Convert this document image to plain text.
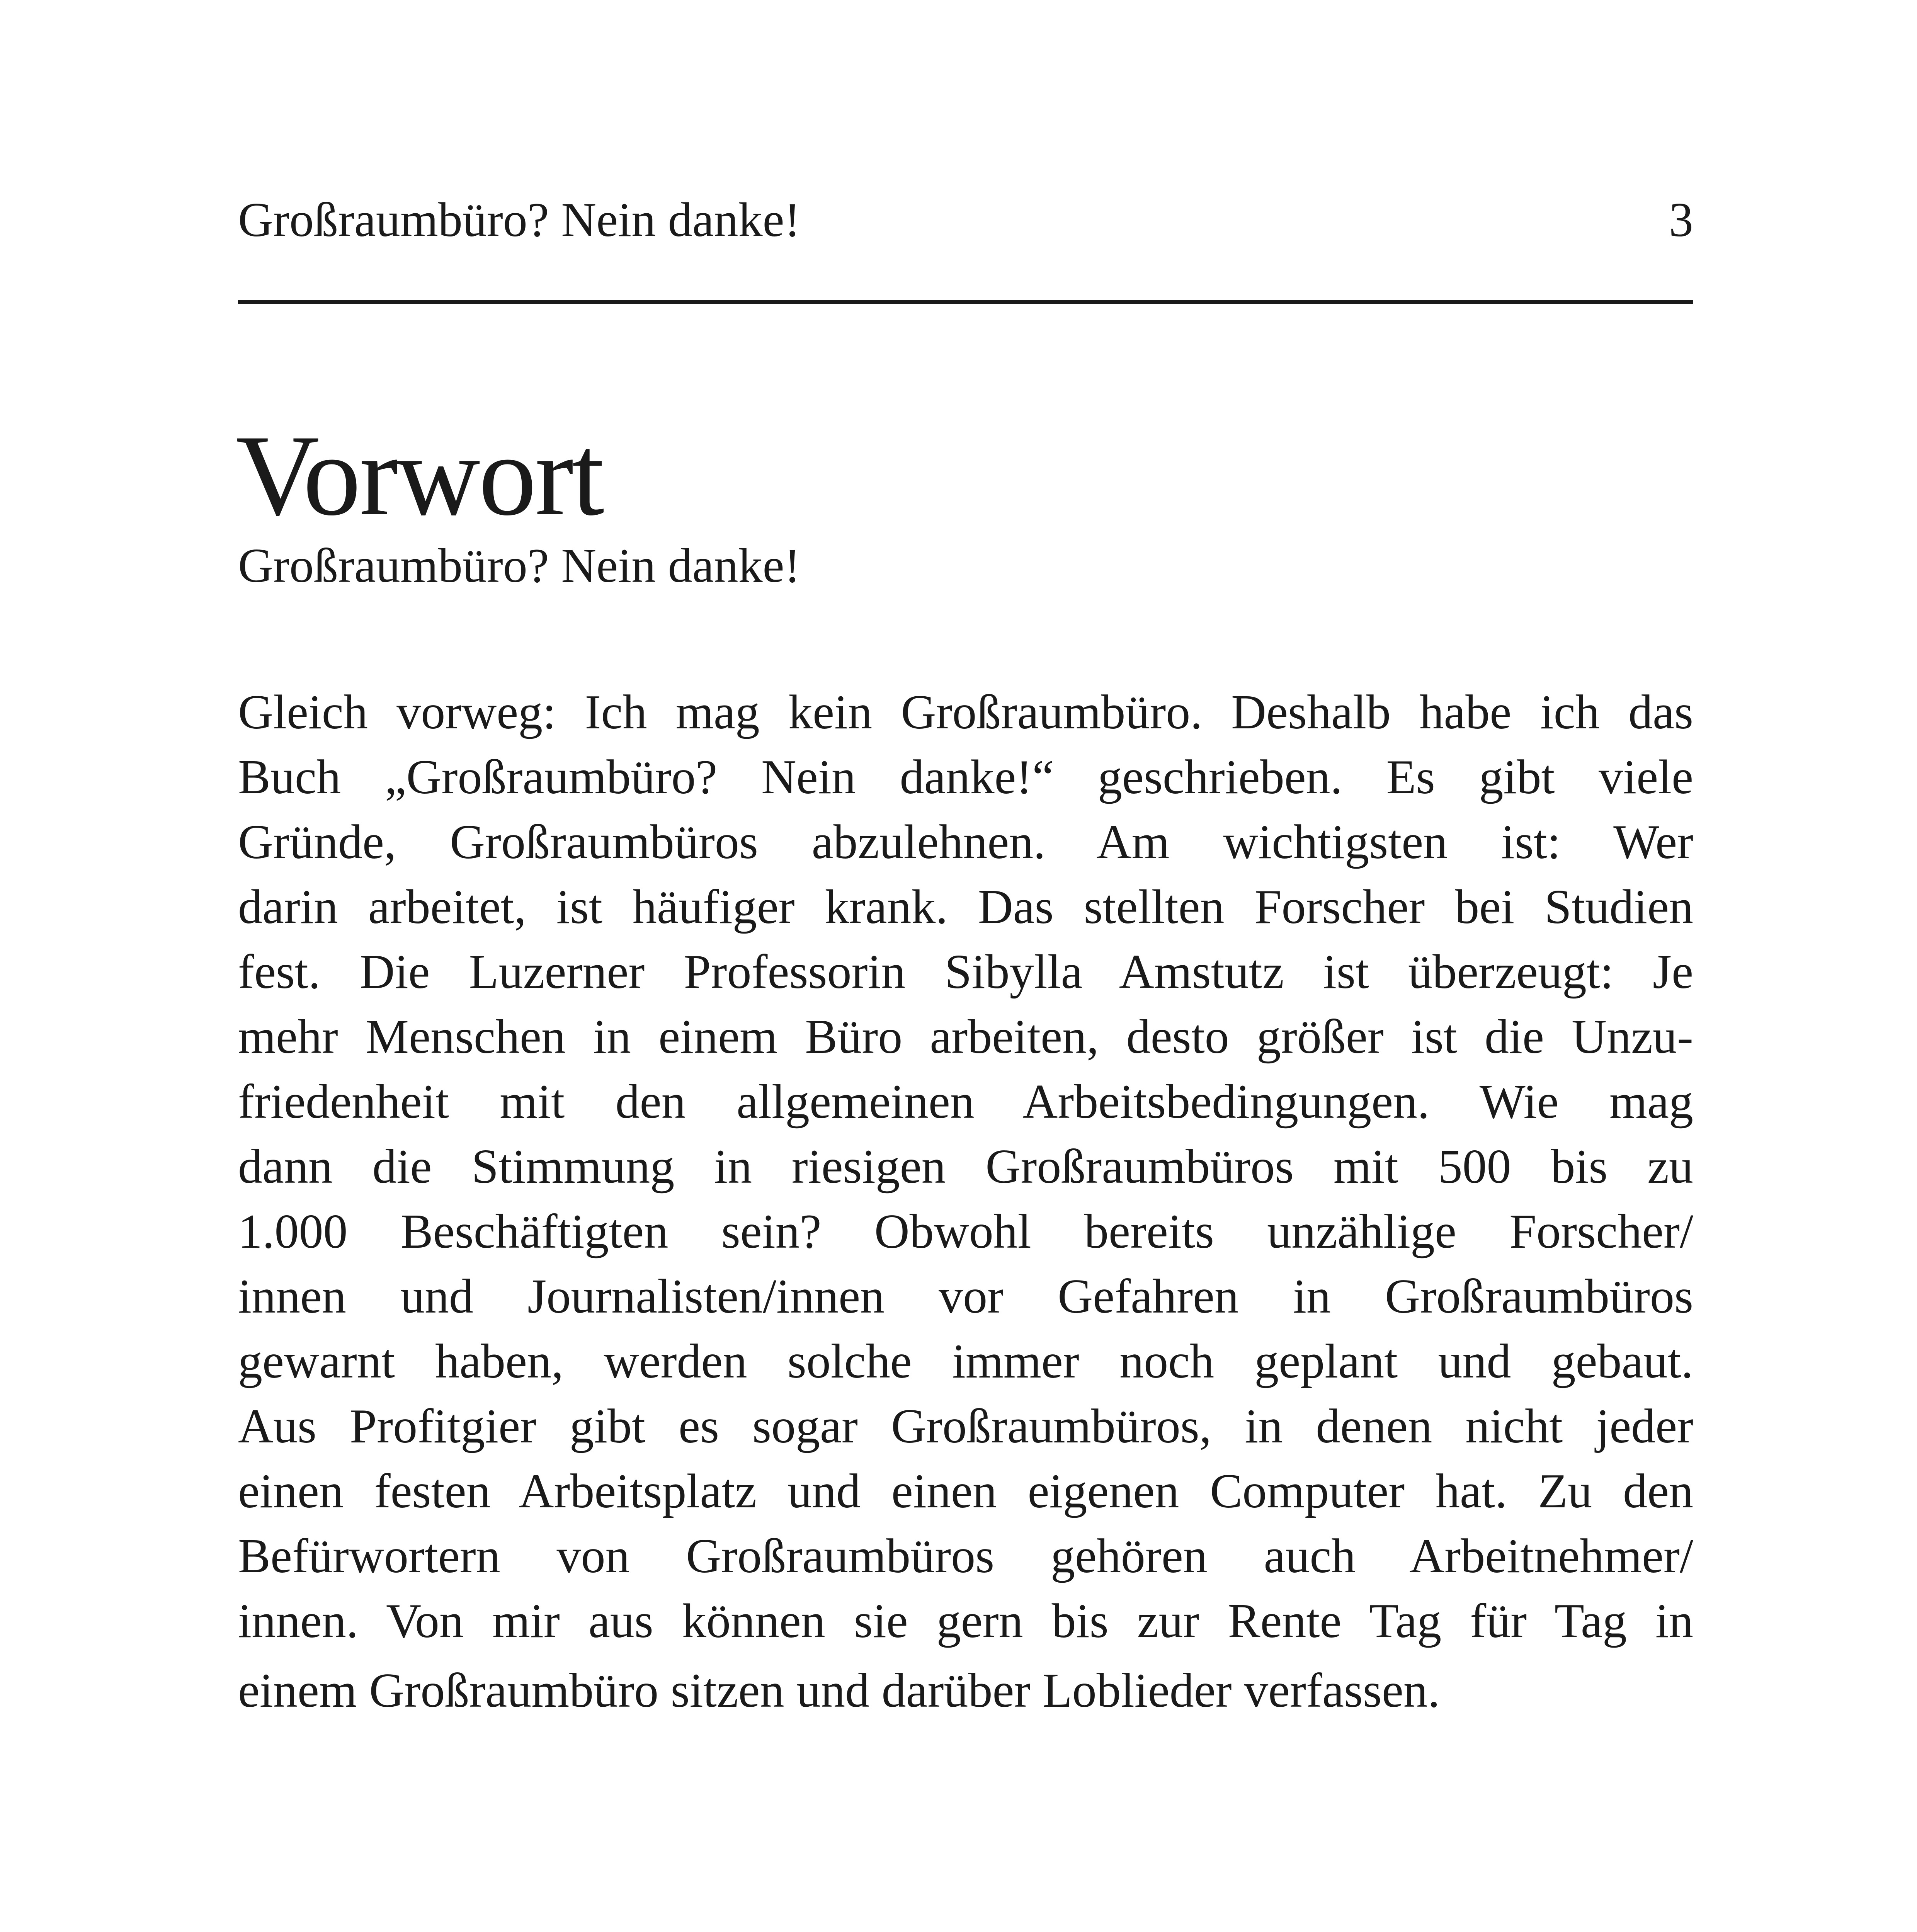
Großraumbüro? Nein danke!	3
Vorwort
Großraumbüro? Nein danke!
Gleich vorweg: Ich mag kein Großraumbüro. Deshalb habe ich das
Buch „Großraumbüro? Nein danke!“ geschrieben. Es gibt viele
Gründe, Großraumbüros abzulehnen. Am wichtigsten ist: Wer
darin arbeitet, ist häufiger krank. Das stellten Forscher bei Studien
fest. Die Luzerner Professorin Sibylla Amstutz ist überzeugt: Je
mehr Menschen in einem Büro arbeiten, desto größer ist die Unzu-
friedenheit mit den allgemeinen Arbeitsbedingungen. Wie mag
dann die Stimmung in riesigen Großraumbüros mit 500 bis zu
1.000 Beschäftigten sein? Obwohl bereits unzählige Forscher/
innen und Journalisten/innen vor Gefahren in Großraumbüros
gewarnt haben, werden solche immer noch geplant und gebaut.
Aus Profitgier gibt es sogar Großraumbüros, in denen nicht jeder
einen festen Arbeitsplatz und einen eigenen Computer hat. Zu den
Befürwortern von Großraumbüros gehören auch Arbeitnehmer/
innen. Von mir aus können sie gern bis zur Rente Tag für Tag in
einem Großraumbüro sitzen und darüber Loblieder verfassen.
